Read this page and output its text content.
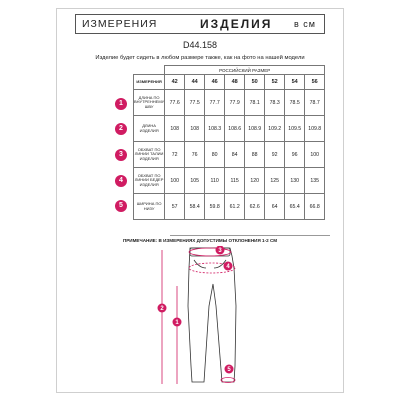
ИЗМЕРЕНИЯ	ИЗДЕЛИЯ в см
D44.158
Изделие будет сидеть в любом размере также, как на фото на нашей модели
1
2
3
4
5
	РОССИЙСКИЙ РАЗМЕР							
ИЗМЕРЕНИЯ	42	44	46	48	50	52	54	56
ДЛИНА ПО ВНУТРЕННЕМУ ШВУ	77.6	77.5	77.7	77.9	78.1	78.3	78.5	78.7
ДЛИНА ИЗДЕЛИЯ	108	108	108.3	108.6	108.9	109.2	109.5	109.8
ОБХВАТ ПО ЛИНИИ ТАЛИИ ИЗДЕЛИЯ	72	76	80	84	88	92	96	100
ОБХВАТ ПО ЛИНИИ БЕДЕР ИЗДЕЛИЯ	100	105	110	115	120	125	130	135
ШИРИНА ПО НИЗУ	57	58.4	59.8	61.2	62.6	64	65.4	66.8
ПРИМЕЧАНИЕ: В ИЗМЕРЕНИЯХ ДОПУСТИМЫ ОТКЛОНЕНИЯ 1-2 СМ
1
2
3
4
5
